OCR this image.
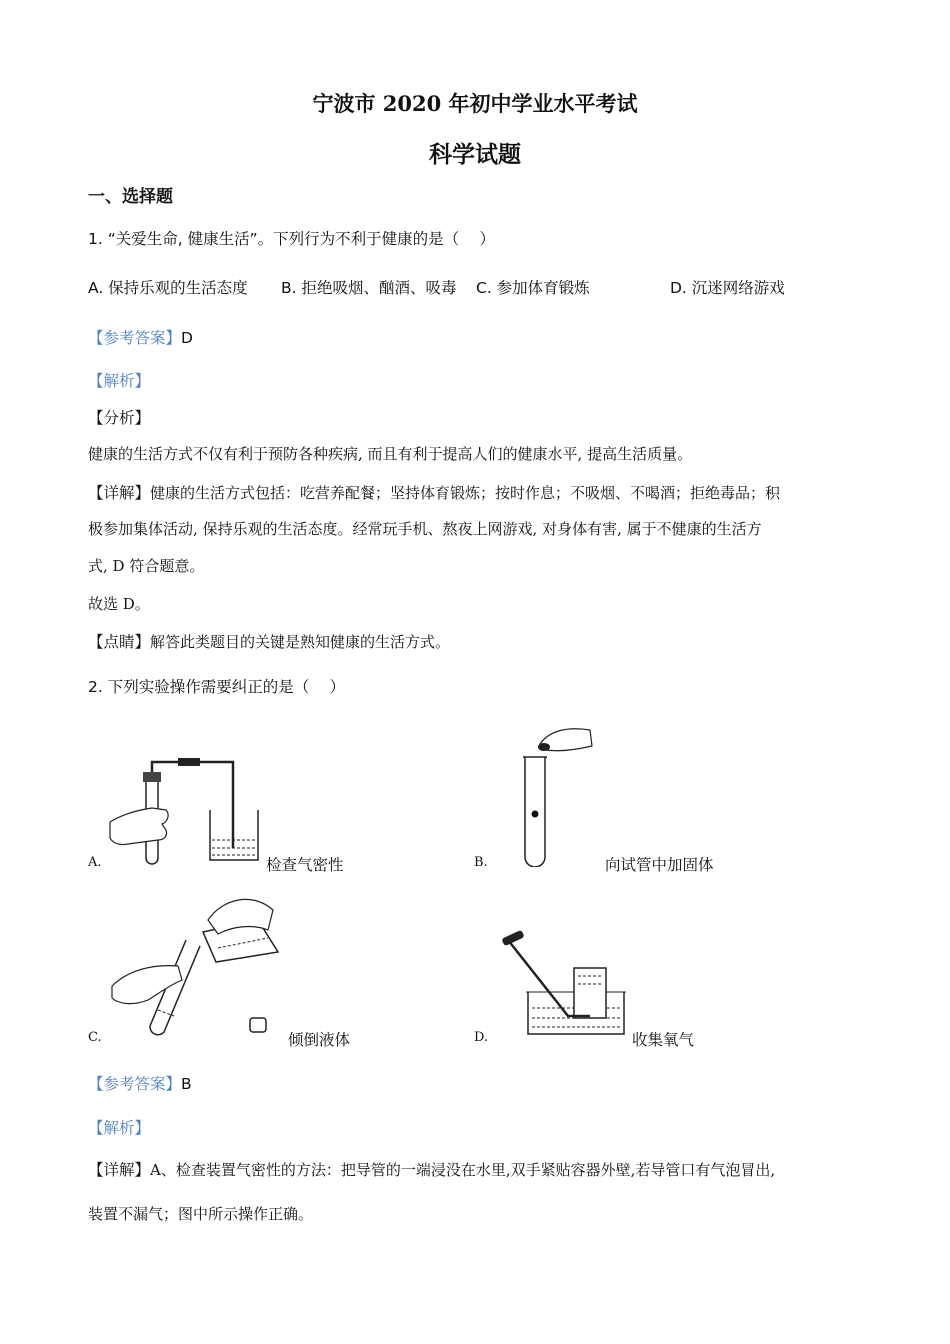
宁波市 2020 年初中学业水平考试
科学试题
一、选择题
1. “关爱生命, 健康生活”。下列行为不利于健康的是（　 ）
A. 保持乐观的生活态度 B. 拒绝吸烟、酗酒、吸毒 C. 参加体育锻炼	D. 沉迷网络游戏
【参考答案】D
【解析】
【分析】
健康的生活方式不仅有利于预防各种疾病, 而且有利于提高人们的健康水平, 提高生活质量。
【详解】健康的生活方式包括：吃营养配餐；坚持体育锻炼；按时作息；不吸烟、不喝酒；拒绝毒品；积
极参加集体活动, 保持乐观的生活态度。经常玩手机、熬夜上网游戏, 对身体有害, 属于不健康的生活方
式, D 符合题意。
故选 D。
【点睛】解答此类题目的关键是熟知健康的生活方式。
2. 下列实验操作需要纠正的是（　 ）
A.	检查气密性	B.	向试管中加固体
C.	倾倒液体	D.	收集氧气
【参考答案】B
【解析】
【详解】A、检查装置气密性的方法：把导管的一端浸没在水里,双手紧贴容器外壁,若导管口有气泡冒出,
装置不漏气；图中所示操作正确。
